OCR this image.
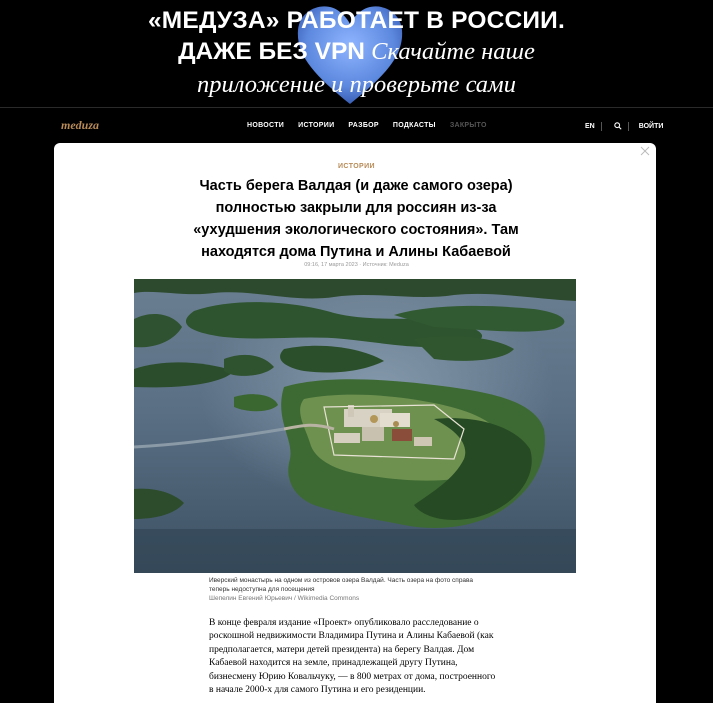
«МЕДУЗА» РАБОТАЕТ В РОССИИ.
ДАЖЕ БЕЗ VPN Скачайте наше
приложение и проверьте сами
meduza	НОВОСТИ ИСТОРИИ РАЗБОР ПОДКАСТЫ ЗАКРЫТО	EN	ВОЙТИ
ИСТОРИИ
Часть берега Валдая (и даже самого озера) полностью закрыли для россиян из-за «ухудшения экологического состояния». Там находятся дома Путина и Алины Кабаевой
09:16, 17 марта 2023 · Источник: Meduza
Иверский монастырь на одном из островов озера Валдай. Часть озера на фото справа теперь недоступна для посещения
Шепелин Евгений Юрьевич / Wikimedia Commons

В конце февраля издание «Проект» опубликовало расследование о роскошной недвижимости Владимира Путина и Алины Кабаевой (как предполагается, матери детей президента) на берегу Валдая. Дом Кабаевой находится на земле, принадлежащей другу Путина, бизнесмену Юрию Ковальчуку, — в 800 метрах от дома, построенного в начале 2000-х для самого Путина и его резиденции.
